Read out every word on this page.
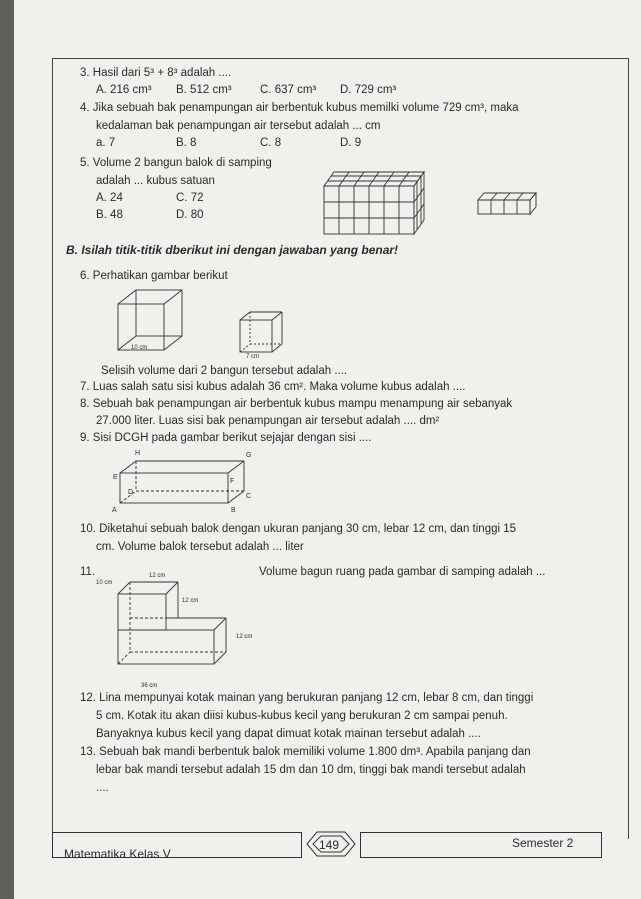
3. Hasil dari 5³ + 8³ adalah ....
A. 216 cm³ B. 512 cm³ C. 637 cm³ D. 729 cm³
4. Jika sebuah bak penampungan air berbentuk kubus memilki volume 729 cm³, maka
kedalaman bak penampungan air tersebut adalah ... cm
a. 7	B. 8	C. 8	D. 9
5. Volume 2 bangun balok di samping
adalah ... kubus satuan
A. 24	C. 72
B. 48	D. 80
B. Isilah titik-titik dberikut ini dengan jawaban yang benar!
6. Perhatikan gambar berikut
10 cm
7 cm
Selisih volume dari 2 bangun tersebut adalah ....
7. Luas salah satu sisi kubus adalah 36 cm². Maka volume kubus adalah ....
8. Sebuah bak penampungan air berbentuk kubus mampu menampung air sebanyak
27.000 liter. Luas sisi bak penampungan air tersebut adalah .... dm²
9. Sisi DCGH pada gambar berikut sejajar dengan sisi ....
H	G
E
F
D
C
A	B
10. Diketahui sebuah balok dengan ukuran panjang 30 cm, lebar 12 cm, dan tinggi 15
cm. Volume balok tersebut adalah ... liter
11.	Volume bagun ruang pada gambar di samping adalah ...
12 cm
10 cm
12 cm
12 cm
36 cm
12. Lina mempunyai kotak mainan yang berukuran panjang 12 cm, lebar 8 cm, dan tinggi
5 cm. Kotak itu akan diisi kubus-kubus kecil yang berukuran 2 cm sampai penuh.
Banyaknya kubus kecil yang dapat dimuat kotak mainan tersebut adalah ....
13. Sebuah bak mandi berbentuk balok memiliki volume 1.800 dm³. Apabila panjang dan
lebar bak mandi tersebut adalah 15 dm dan 10 dm, tinggi bak mandi tersebut adalah
....
Matematika Kelas V
Semester 2
149
